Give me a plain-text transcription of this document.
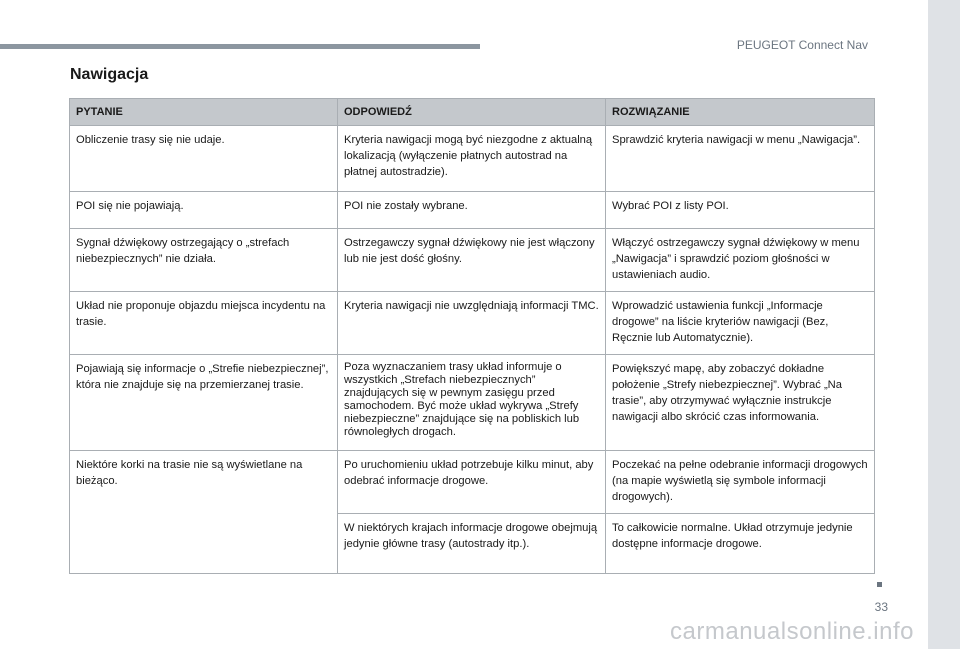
PEUGEOT Connect Nav
Nawigacja
PYTANIE	ODPOWIEDŹ	ROZWIĄZANIE
Obliczenie trasy się nie udaje.	Kryteria nawigacji mogą być niezgodne z aktualną lokalizacją (wyłączenie płatnych autostrad na płatnej autostradzie).	Sprawdzić kryteria nawigacji w menu „Nawigacja”.
POI się nie pojawiają.	POI nie zostały wybrane.	Wybrać POI z listy POI.
Sygnał dźwiękowy ostrzegający o „strefach niebezpiecznych” nie działa.	Ostrzegawczy sygnał dźwiękowy nie jest włączony lub nie jest dość głośny.	Włączyć ostrzegawczy sygnał dźwiękowy w menu „Nawigacja” i sprawdzić poziom głośności w ustawieniach audio.
Układ nie proponuje objazdu miejsca incydentu na trasie.	Kryteria nawigacji nie uwzględniają informacji TMC.	Wprowadzić ustawienia funkcji „Informacje drogowe” na liście kryteriów nawigacji (Bez, Ręcznie lub Automatycznie).
Pojawiają się informacje o „Strefie niebezpiecznej”, która nie znajduje się na przemierzanej trasie.	Poza wyznaczaniem trasy układ informuje o wszystkich „Strefach niebezpiecznych” znajdujących się w pewnym zasięgu przed samochodem. Być może układ wykrywa „Strefy niebezpieczne” znajdujące się na pobliskich lub równoległych drogach.	Powiększyć mapę, aby zobaczyć dokładne położenie „Strefy niebezpiecznej”. Wybrać „Na trasie”, aby otrzymywać wyłącznie instrukcje nawigacji albo skrócić czas informowania.
Niektóre korki na trasie nie są wyświetlane na bieżąco.	Po uruchomieniu układ potrzebuje kilku minut, aby odebrać informacje drogowe.	Poczekać na pełne odebranie informacji drogowych (na mapie wyświetlą się symbole informacji drogowych).
	W niektórych krajach informacje drogowe obejmują jedynie główne trasy (autostrady itp.).	To całkowicie normalne. Układ otrzymuje jedynie dostępne informacje drogowe.
33
carmanualsonline.info
